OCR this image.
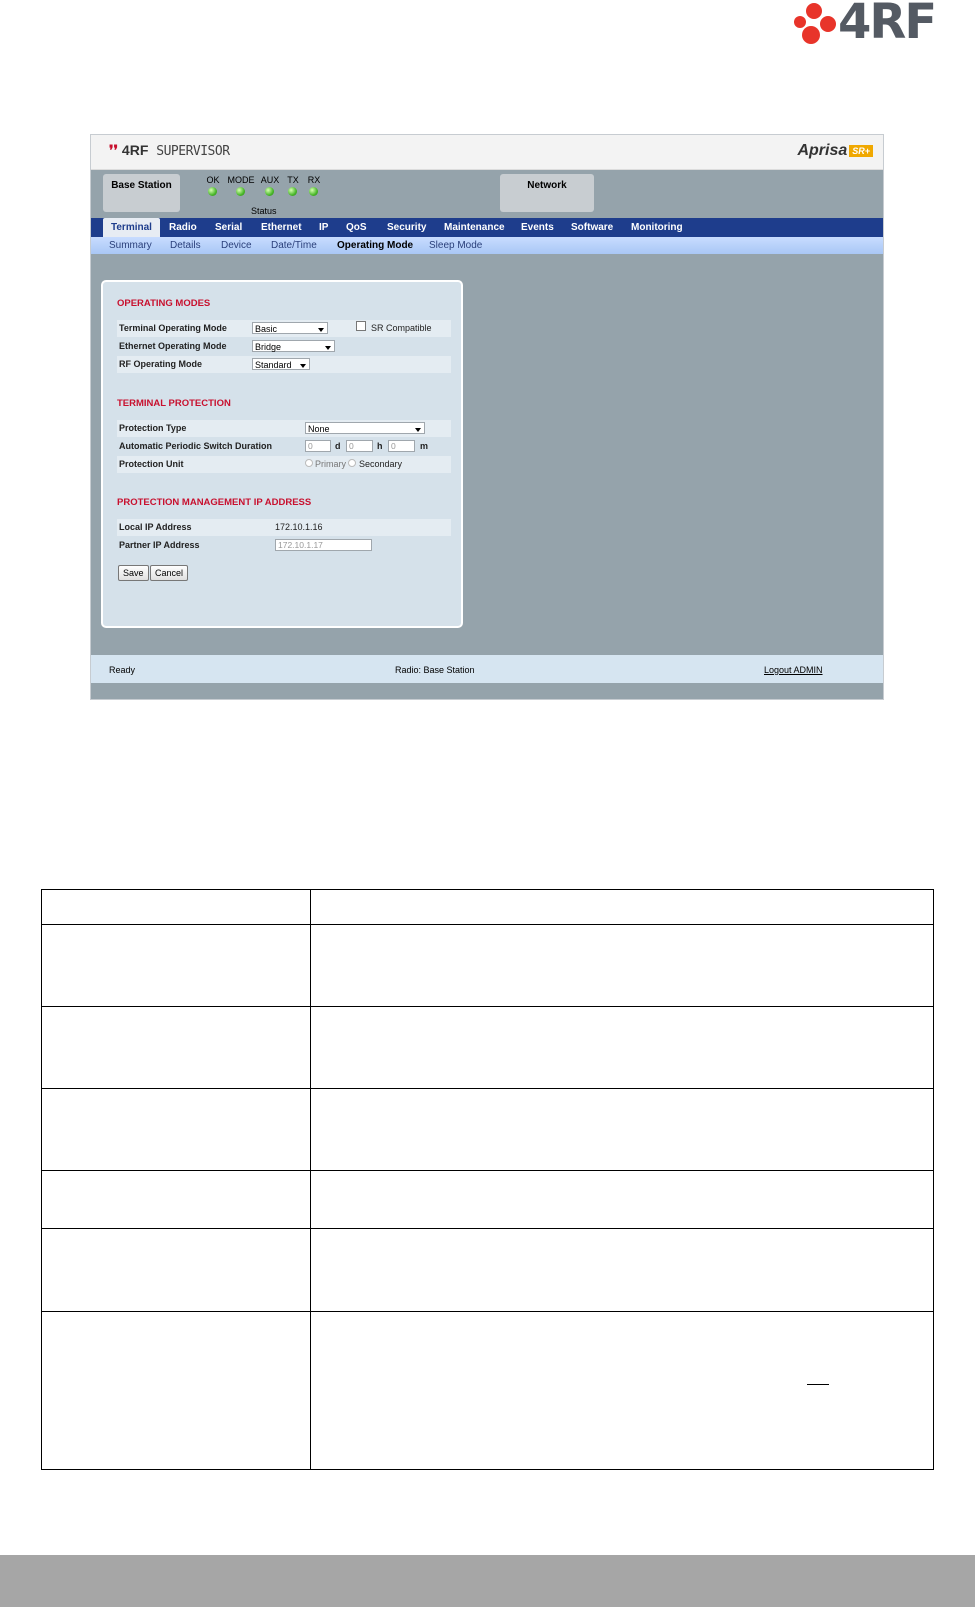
4RF
❜❜ 4RF SUPERVISOR	Aprisa SR+
Base Station	OK MODE AUX TX RX
Status
Network
Terminal	Radio Serial Ethernet IP QoS Security Maintenance Events Software Monitoring
Summary Details Device Date/Time Operating Mode Sleep Mode
OPERATING MODES
Terminal Operating Mode	Basic	SR Compatible
Ethernet Operating Mode	Bridge
RF Operating Mode	Standard
TERMINAL PROTECTION
Protection Type	None
Automatic Periodic Switch Duration	0	d	0	h	0	m
Protection Unit	Primary Secondary
PROTECTION MANAGEMENT IP ADDRESS
Local IP Address	172.10.1.16
Partner IP Address	172.10.1.17
Save	Cancel
Ready	Radio: Base Station	Logout ADMIN
